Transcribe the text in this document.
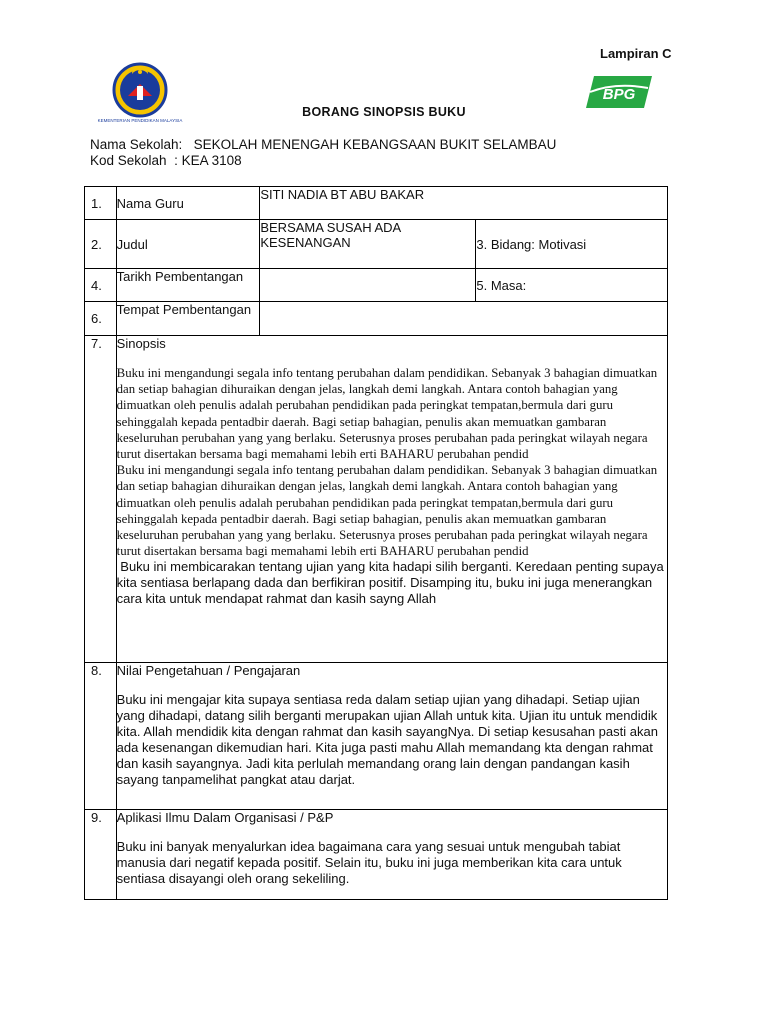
Lampiran C
KEMENTERIAN PENDIDIKAN MALAYSIA
BPG
BORANG SINOPSIS BUKU
Nama Sekolah: SEKOLAH MENENGAH KEBANGSAAN BUKIT SELAMBAU
Kod Sekolah : KEA 3108
1.	Nama Guru	SITI NADIA BT ABU BAKAR	
2.	Judul	BERSAMA SUSAH ADA KESENANGAN	3. Bidang: Motivasi
4.	Tarikh Pembentangan		5. Masa:
6.	Tempat Pembentangan		
7.	Sinopsis
Buku ini mengandungi segala info tentang perubahan dalam pendidikan. Sebanyak 3 bahagian dimuatkan dan setiap bahagian dihuraikan dengan jelas, langkah demi langkah. Antara contoh bahagian yang dimuatkan oleh penulis adalah perubahan pendidikan pada peringkat tempatan,bermula dari guru sehinggalah kepada pentadbir daerah. Bagi setiap bahagian, penulis akan memuatkan gambaran keseluruhan perubahan yang yang berlaku. Seterusnya proses perubahan pada peringkat wilayah negara turut disertakan bersama bagi memahami lebih erti BAHARU perubahan pendid
Buku ini mengandungi segala info tentang perubahan dalam pendidikan. Sebanyak 3 bahagian dimuatkan dan setiap bahagian dihuraikan dengan jelas, langkah demi langkah. Antara contoh bahagian yang dimuatkan oleh penulis adalah perubahan pendidikan pada peringkat tempatan,bermula dari guru sehinggalah kepada pentadbir daerah. Bagi setiap bahagian, penulis akan memuatkan gambaran keseluruhan perubahan yang yang berlaku. Seterusnya proses perubahan pada peringkat wilayah negara turut disertakan bersama bagi memahami lebih erti BAHARU perubahan pendid
Buku ini membicarakan tentang ujian yang kita hadapi silih berganti. Keredaan penting supaya kita sentiasa berlapang dada dan berfikiran positif. Disamping itu, buku ini juga menerangkan cara kita untuk mendapat rahmat dan kasih sayng Allah		

8.	Nilai Pengetahuan / Pengajaran
Buku ini mengajar kita supaya sentiasa reda dalam setiap ujian yang dihadapi. Setiap ujian yang dihadapi, datang silih berganti merupakan ujian Allah untuk kita. Ujian itu untuk mendidik kita. Allah mendidik kita dengan rahmat dan kasih sayangNya. Di setiap kesusahan pasti akan ada kesenangan dikemudian hari. Kita juga pasti mahu Allah memandang kta dengan rahmat dan kasih sayangnya. Jadi kita perlulah memandang orang lain dengan pandangan kasih sayang tanpamelihat pangkat atau darjat.		

9.	Aplikasi Ilmu Dalam Organisasi / P&P
Buku ini banyak menyalurkan idea bagaimana cara yang sesuai untuk mengubah tabiat manusia dari negatif kepada positif. Selain itu, buku ini juga memberikan kita cara untuk sentiasa disayangi oleh orang sekeliling.		
